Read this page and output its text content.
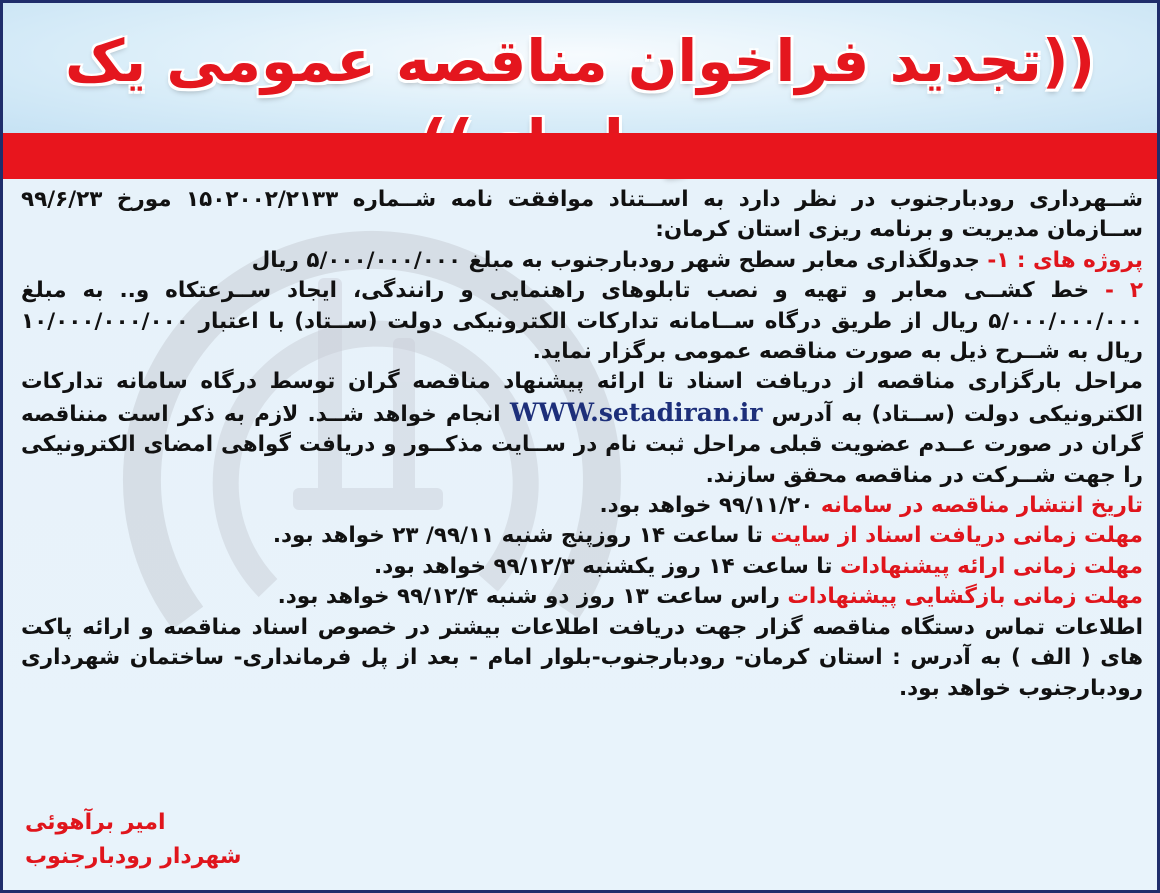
((تجدید فراخوان مناقصه عمومی یک

شــهرداری رودبارجنوب در نظر دارد به اســتناد موافقت نامه شــماره ۱۵۰۲۰۰۲/۲۱۳۳ مورخ ۹۹/۶/۲۳ ســازمان مدیریت و برنامه ریزی استان کرمان:

پروژه های : ۱- جدولگذاری معابر سطح شهر رودبارجنوب به مبلغ ۵/۰۰۰/۰۰۰/۰۰۰ ریال

۲ - خط کشــی معابر و تهیه و نصب تابلوهای راهنمایی و رانندگی، ایجاد ســرعتکاه و.. به مبلغ ۵/۰۰۰/۰۰۰/۰۰۰ ریال از طریق درگاه ســامانه تدارکات الکترونیکی دولت (ســتاد) با اعتبار ۱۰/۰۰۰/۰۰۰/۰۰۰ ریال به شــرح ذیل به صورت مناقصه عمومی برگزار نماید.

مراحل بارگزاری مناقصه از دریافت اسناد تا ارائه پیشنهاد مناقصه گران توسط درگاه سامانه تدارکات الکترونیکی دولت (ســتاد) به آدرس WWW.setadiran.ir انجام خواهد شــد. لازم به ذکر است منناقصه گران در صورت عــدم عضویت قبلی مراحل ثبت نام در ســایت مذکــور و دریافت گواهی امضای الکترونیکی را جهت شــرکت در مناقصه محقق سازند.

تاریخ انتشار مناقصه در سامانه ۹۹/۱۱/۲۰ خواهد بود.

مهلت زمانی دریافت اسناد از سایت تا ساعت ۱۴ روزپنج شنبه ۹۹/۱۱/ ۲۳ خواهد بود.

مهلت زمانی ارائه پیشنهادات تا ساعت ۱۴ روز یکشنبه ۹۹/۱۲/۳ خواهد بود.

مهلت زمانی بازگشایی پیشنهادات راس ساعت ۱۳ روز دو شنبه ۹۹/۱۲/۴ خواهد بود.

اطلاعات تماس دستگاه مناقصه گزار جهت دریافت اطلاعات بیشتر در خصوص اسناد مناقصه و ارائه پاکت های ( الف ) به آدرس : استان کرمان- رودبارجنوب-بلوار امام - بعد از پل فرمانداری- ساختمان شهرداری رودبارجنوب خواهد بود.

امیر برآهوئی
شهردار رودبارجنوب
